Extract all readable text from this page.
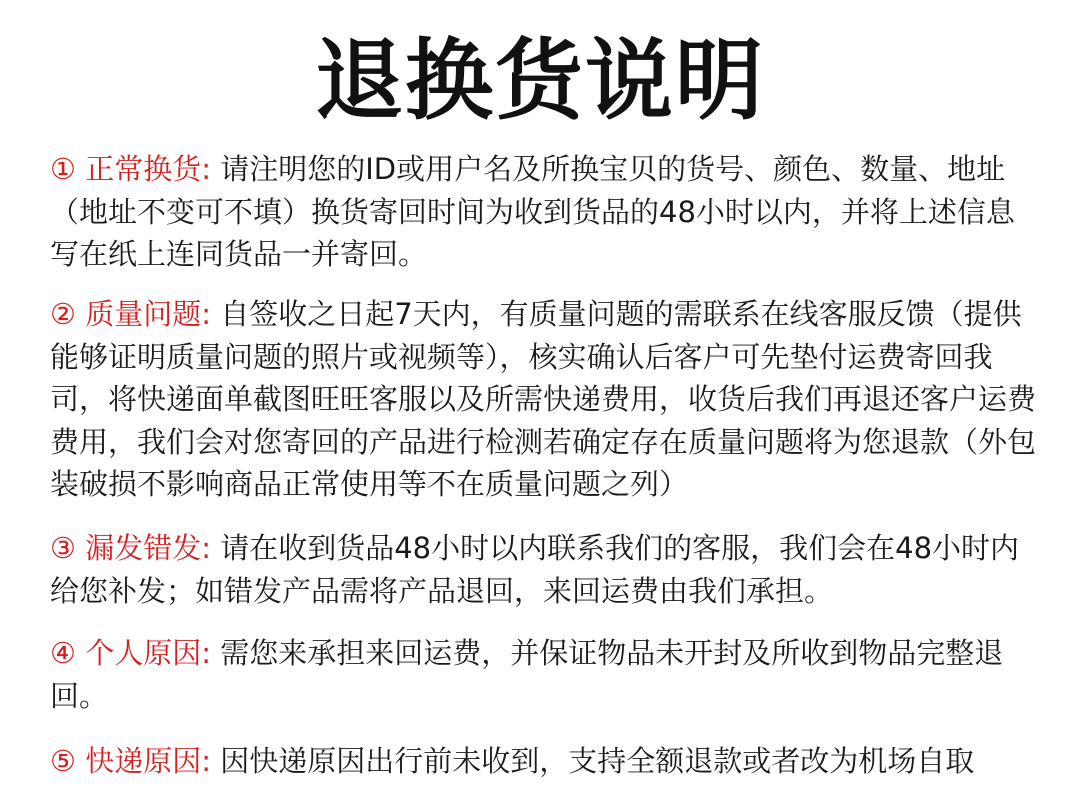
退换货说明
① 正常换货: 请注明您的ID或用户名及所换宝贝的货号、颜色、数量、地址（地址不变可不填）换货寄回时间为收到货品的48小时以内，并将上述信息写在纸上连同货品一并寄回。
② 质量问题: 自签收之日起7天内，有质量问题的需联系在线客服反馈（提供能够证明质量问题的照片或视频等），核实确认后客户可先垫付运费寄回我司，将快递面单截图旺旺客服以及所需快递费用，收货后我们再退还客户运费费用，我们会对您寄回的产品进行检测若确定存在质量问题将为您退款（外包装破损不影响商品正常使用等不在质量问题之列）
③ 漏发错发: 请在收到货品48小时以内联系我们的客服，我们会在48小时内给您补发；如错发产品需将产品退回，来回运费由我们承担。
④ 个人原因: 需您来承担来回运费，并保证物品未开封及所收到物品完整退回。
⑤ 快递原因: 因快递原因出行前未收到，支持全额退款或者改为机场自取
